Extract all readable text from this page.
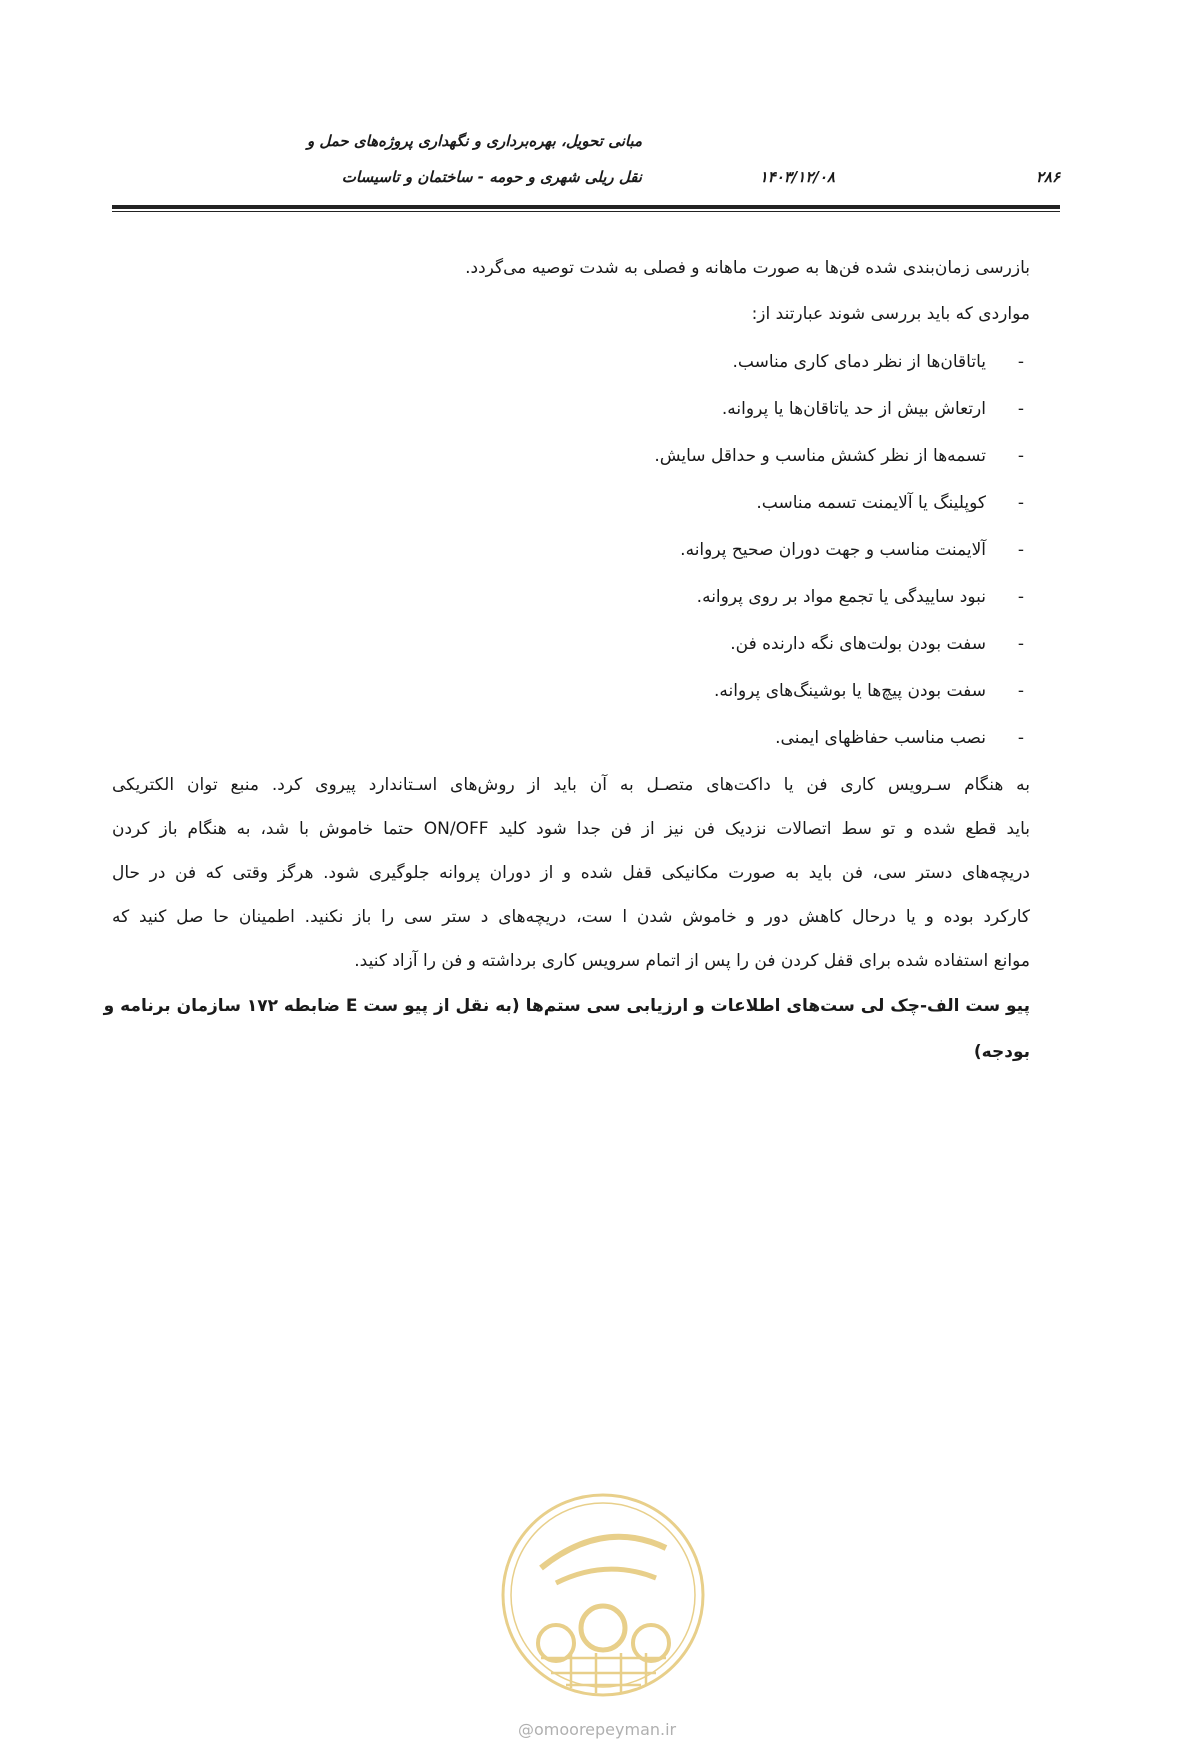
مبانی تحویل، بهره‌برداری و نگهداری پروژه‌های حمل و
نقل ریلی شهری و حومه - ساختمان و تاسیسات	۱۴۰۳/۱۲/۰۸	۲۸۶
بازرسی زمان‌بندی شده فن‌ها به صورت ماهانه و فصلی به شدت توصیه می‌گردد.
مواردی که باید بررسی شوند عبارتند از:
-یاتاقان‌ها از نظر دمای کاری مناسب.
-ارتعاش بیش از حد یاتاقان‌ها یا پروانه.
-تسمه‌ها از نظر کشش مناسب و حداقل سایش.
-کوپلینگ یا آلایمنت تسمه مناسب.
-آلایمنت مناسب و جهت دوران صحیح پروانه.
-نبود ساییدگی یا تجمع مواد بر روی پروانه.
-سفت بودن بولت‌های نگه دارنده فن.
-سفت بودن پیچ‌ها یا بوشینگ‌های پروانه.
-نصب مناسب حفاظهای ایمنی.
به هنگام سـرویس کاری فن یا داکت‌های متصـل به آن باید از روش‌های اسـتاندارد پیروی کرد. منبع توان الکتریکی
باید قطع شده و تو سط اتصالات نزدیک فن نیز از فن جدا شود کلید ON/OFF حتما خاموش با شد، به هنگام باز کردن
دریچه‌های دستر سی، فن باید به صورت مکانیکی قفل شده و از دوران پروانه جلوگیری شود. هرگز وقتی که فن در حال
کارکرد بوده و یا درحال کاهش دور و خاموش شدن ا ست، دریچه‌های د ستر سی را باز نکنید. اطمینان حا صل کنید که
موانع استفاده شده برای قفل کردن فن را پس از اتمام سرویس کاری برداشته و فن را آزاد کنید.
پیو ست الف-چک لی ست‌های اطلاعات و ارزیابی سی ستم‌ها (به نقل از پیو ست E ضابطه ۱۷۲ سازمان برنامه و
بودجه)
@omoorepeyman.ir
